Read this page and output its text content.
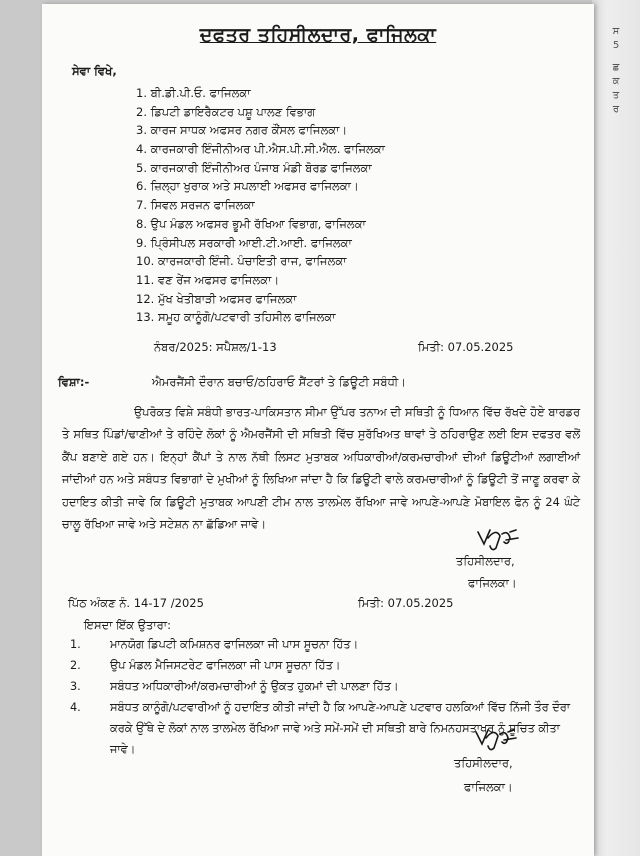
ਸ
5
ਛ
ਕ
ਤ
ਰ
ਦਫਤਰ ਤਹਿਸੀਲਦਾਰ, ਫਾਜਿਲਕਾ
ਸੇਵਾ ਵਿਖੇ,
1. ਬੀ.ਡੀ.ਪੀ.ਓ. ਫਾਜਿਲਕਾ
2. ਡਿਪਟੀ ਡਾਇਰੈਕਟਰ ਪਸ਼ੂ ਪਾਲਣ ਵਿਭਾਗ
3. ਕਾਰਜ ਸਾਧਕ ਅਫਸਰ ਨਗਰ ਕੌਂਸਲ ਫਾਜਿਲਕਾ।
4. ਕਾਰਜਕਾਰੀ ਇੰਜੀਨੀਅਰ ਪੀ.ਐਸ.ਪੀ.ਸੀ.ਐਲ. ਫਾਜਿਲਕਾ
5. ਕਾਰਜਕਾਰੀ ਇੰਜੀਨੀਅਰ ਪੰਜਾਬ ਮੰਡੀ ਬੋਰਡ ਫਾਜਿਲਕਾ
6. ਜ਼ਿਲ੍ਹਾ ਖੁਰਾਕ ਅਤੇ ਸਪਲਾਈ ਅਫਸਰ ਫਾਜਿਲਕਾ।
7. ਸਿਵਲ ਸਰਜਨ ਫਾਜਿਲਕਾ
8. ਉਪ ਮੰਡਲ ਅਫਸਰ ਭੂਮੀ ਰੱਖਿਆ ਵਿਭਾਗ, ਫਾਜਿਲਕਾ
9. ਪ੍ਰਿੰਸੀਪਲ ਸਰਕਾਰੀ ਆਈ.ਟੀ.ਆਈ. ਫਾਜਿਲਕਾ
10. ਕਾਰਜਕਾਰੀ ਇੰਜੀ. ਪੰਚਾਇਤੀ ਰਾਜ, ਫਾਜਿਲਕਾ
11. ਵਣ ਰੇਂਜ ਅਫਸਰ ਫਾਜਿਲਕਾ।
12. ਮੁੱਖ ਖੇਤੀਬਾੜੀ ਅਫਸਰ ਫਾਜਿਲਕਾ
13. ਸਮੂਹ ਕਾਨੂੰਗੋ/ਪਟਵਾਰੀ ਤਹਿਸੀਲ ਫਾਜਿਲਕਾ
ਨੰਬਰ/2025: ਸਪੈਸ਼ਲ/1-13	ਮਿਤੀ: 07.05.2025
ਵਿਸ਼ਾ:-	ਐਮਰਜੈਂਸੀ ਦੌਰਾਨ ਬਚਾਓ/ਠਹਿਰਾਓ ਸੈਂਟਰਾਂ ਤੇ ਡਿਊਟੀ ਸਬੰਧੀ।
ਉਪਰੋਕਤ ਵਿਸ਼ੇ ਸਬੰਧੀ ਭਾਰਤ-ਪਾਕਿਸਤਾਨ ਸੀਮਾ ਉੱਪਰ ਤਨਾਅ ਦੀ ਸਥਿਤੀ ਨੂੰ ਧਿਆਨ ਵਿੱਚ ਰੱਖਦੇ ਹੋਏ ਬਾਰਡਰ ਤੇ ਸਥਿਤ ਪਿੰਡਾਂ/ਢਾਣੀਆਂ ਤੇ ਰਹਿੰਦੇ ਲੋਕਾਂ ਨੂੰ ਐਮਰਜੈਂਸੀ ਦੀ ਸਥਿਤੀ ਵਿੱਚ ਸੁਰੱਖਿਅਤ ਥਾਵਾਂ ਤੇ ਠਹਿਰਾਉਣ ਲਈ ਇਸ ਦਫਤਰ ਵਲੋਂ ਕੈਂਪ ਬਣਾਏ ਗਏ ਹਨ। ਇਨ੍ਹਾਂ ਕੈਂਪਾਂ ਤੇ ਨਾਲ ਨੱਥੀ ਲਿਸਟ ਮੁਤਾਬਕ ਅਧਿਕਾਰੀਆਂ/ਕਰਮਚਾਰੀਆਂ ਦੀਆਂ ਡਿਊਟੀਆਂ ਲਗਾਈਆਂ ਜਾਂਦੀਆਂ ਹਨ ਅਤੇ ਸਬੰਧਤ ਵਿਭਾਗਾਂ ਦੇ ਮੁਖੀਆਂ ਨੂੰ ਲਿਖਿਆ ਜਾਂਦਾ ਹੈ ਕਿ ਡਿਊਟੀ ਵਾਲੇ ਕਰਮਚਾਰੀਆਂ ਨੂੰ ਡਿਊਟੀ ਤੋਂ ਜਾਣੂ ਕਰਵਾ ਕੇ ਹਦਾਇਤ ਕੀਤੀ ਜਾਵੇ ਕਿ ਡਿਊਟੀ ਮੁਤਾਬਕ ਆਪਣੀ ਟੀਮ ਨਾਲ ਤਾਲਮੇਲ ਰੱਖਿਆ ਜਾਵੇ ਆਪਣੇ-ਆਪਣੇ ਮੋਬਾਇਲ ਫੋਨ ਨੂੰ 24 ਘੰਟੇ ਚਾਲੂ ਰੱਖਿਆ ਜਾਵੇ ਅਤੇ ਸਟੇਸ਼ਨ ਨਾ ਛੱਡਿਆ ਜਾਵੇ।
ਤਹਿਸੀਲਦਾਰ,
ਫਾਜਿਲਕਾ।
ਪਿੱਠ ਅੰਕਣ ਨੰ. 14-17 /2025	ਮਿਤੀ: 07.05.2025
ਇਸਦਾ ਇੱਕ ਉਤਾਰਾ:
1.	ਮਾਨਯੋਗ ਡਿਪਟੀ ਕਮਿਸ਼ਨਰ ਫਾਜਿਲਕਾ ਜੀ ਪਾਸ ਸੂਚਨਾ ਹਿੱਤ।
2.	ਉਪ ਮੰਡਲ ਮੈਜਿਸਟਰੇਟ ਫਾਜਿਲਕਾ ਜੀ ਪਾਸ ਸੂਚਨਾ ਹਿੱਤ।
3.	ਸਬੰਧਤ ਅਧਿਕਾਰੀਆਂ/ਕਰਮਚਾਰੀਆਂ ਨੂੰ ਉਕਤ ਹੁਕਮਾਂ ਦੀ ਪਾਲਣਾ ਹਿੱਤ।
4.	ਸਬੰਧਤ ਕਾਨੂੰਗੋ/ਪਟਵਾਰੀਆਂ ਨੂੰ ਹਦਾਇਤ ਕੀਤੀ ਜਾਂਦੀ ਹੈ ਕਿ ਆਪਣੇ-ਆਪਣੇ ਪਟਵਾਰ ਹਲਕਿਆਂ ਵਿੱਚ ਨਿੱਜੀ ਤੌਰ ਦੌਰਾ ਕਰਕੇ ਉੱਥੇ ਦੇ ਲੋਕਾਂ ਨਾਲ ਤਾਲਮੇਲ ਰੱਖਿਆ ਜਾਵੇ ਅਤੇ ਸਮੇਂ-ਸਮੇਂ ਦੀ ਸਥਿਤੀ ਬਾਰੇ ਨਿਮਨਹਸਤਾਖਰ ਨੂੰ ਸੂਚਿਤ ਕੀਤਾ ਜਾਵੇ।
ਤਹਿਸੀਲਦਾਰ,
ਫਾਜਿਲਕਾ।
